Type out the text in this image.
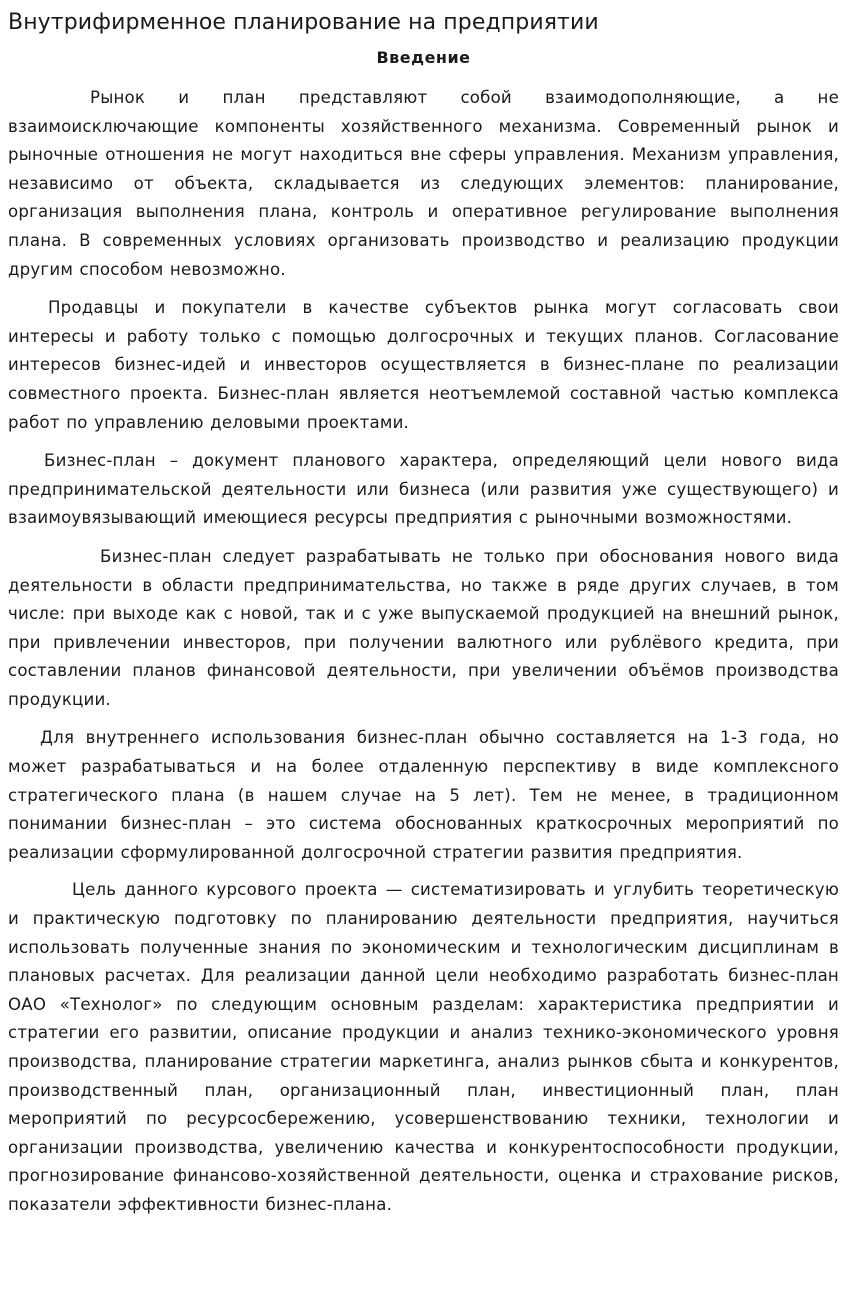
Внутрифирменное планирование на предприятии
Введение

Рынок и план представляют собой взаимодополняющие, а не взаимоисключающие компоненты хозяйственного механизма. Современный рынок и рыночные отношения не могут находиться вне сферы управления. Механизм управления, независимо от объекта, складывается из следующих элементов: планирование, организация выполнения плана, контроль и оперативное регулирование выполнения плана. В современных условиях организовать производство и реализацию продукции другим способом невозможно.

Продавцы и покупатели в качестве субъектов рынка могут согласовать свои интересы и работу только с помощью долгосрочных и текущих планов. Согласование интересов бизнес-идей и инвесторов осуществляется в бизнес-плане по реализации совместного проекта. Бизнес-план является неотъемлемой составной частью комплекса работ по управлению деловыми проектами.

Бизнес-план – документ планового характера, определяющий цели нового вида предпринимательской деятельности или бизнеса (или развития уже существующего) и взаимоувязывающий имеющиеся ресурсы предприятия с рыночными возможностями.

Бизнес-план следует разрабатывать не только при обоснования нового вида деятельности в области предпринимательства, но также в ряде других случаев, в том числе: при выходе как с новой, так и с уже выпускаемой продукцией на внешний рынок, при привлечении инвесторов, при получении валютного или рублёвого кредита, при составлении планов финансовой деятельности, при увеличении объёмов производства продукции.

Для внутреннего использования бизнес-план обычно составляется на 1-3 года, но может разрабатываться и на более отдаленную перспективу в виде комплексного стратегического плана (в нашем случае на 5 лет). Тем не менее, в традиционном понимании бизнес-план – это система обоснованных краткосрочных мероприятий по реализации сформулированной долгосрочной стратегии развития предприятия.

Цель данного курсового проекта — систематизировать и углубить теоретическую и практическую подготовку по планированию деятельности предприятия, научиться использовать полученные знания по экономическим и технологическим дисциплинам в плановых расчетах. Для реализации данной цели необходимо разработать бизнес-план ОАО «Технолог» по следующим основным разделам: характеристика предприятии и стратегии его развитии, описание продукции и анализ технико-экономического уровня производства, планирование стратегии маркетинга, анализ рынков сбыта и конкурентов, производственный план, организационный план, инвестиционный план, план мероприятий по ресурсосбережению, усовершенствованию техники, технологии и организации производства, увеличению качества и конкурентоспособности продукции, прогнозирование финансово-хозяйственной деятельности, оценка и страхование рисков, показатели эффективности бизнес-плана.
